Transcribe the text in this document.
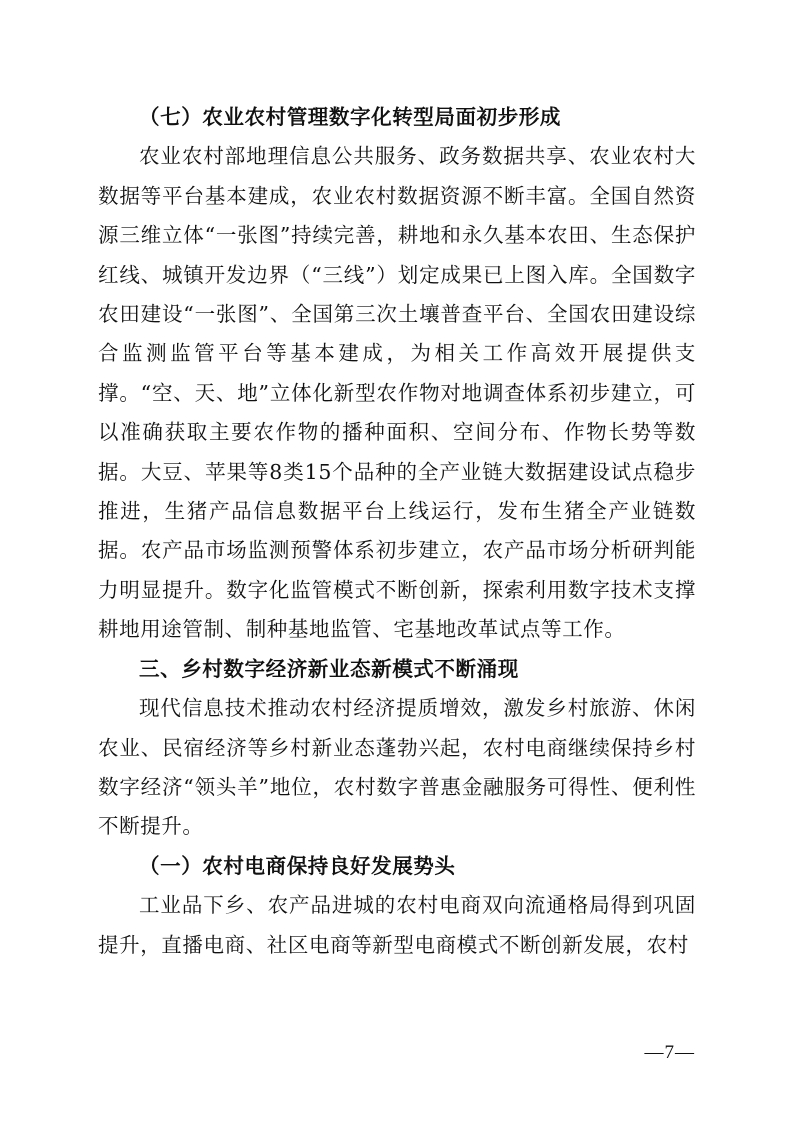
（七）农业农村管理数字化转型局面初步形成

农业农村部地理信息公共服务、政务数据共享、农业农村大数据等平台基本建成，农业农村数据资源不断丰富。全国自然资源三维立体“一张图”持续完善，耕地和永久基本农田、生态保护红线、城镇开发边界（“三线”）划定成果已上图入库。全国数字农田建设“一张图”、全国第三次土壤普查平台、全国农田建设综合监测监管平台等基本建成，为相关工作高效开展提供支撑。“空、天、地”立体化新型农作物对地调查体系初步建立，可以准确获取主要农作物的播种面积、空间分布、作物长势等数据。大豆、苹果等8类15个品种的全产业链大数据建设试点稳步推进，生猪产品信息数据平台上线运行，发布生猪全产业链数据。农产品市场监测预警体系初步建立，农产品市场分析研判能力明显提升。数字化监管模式不断创新，探索利用数字技术支撑耕地用途管制、制种基地监管、宅基地改革试点等工作。

三、乡村数字经济新业态新模式不断涌现

现代信息技术推动农村经济提质增效，激发乡村旅游、休闲农业、民宿经济等乡村新业态蓬勃兴起，农村电商继续保持乡村数字经济“领头羊”地位，农村数字普惠金融服务可得性、便利性不断提升。

（一）农村电商保持良好发展势头

工业品下乡、农产品进城的农村电商双向流通格局得到巩固提升，直播电商、社区电商等新型电商模式不断创新发展，农村

—7—
